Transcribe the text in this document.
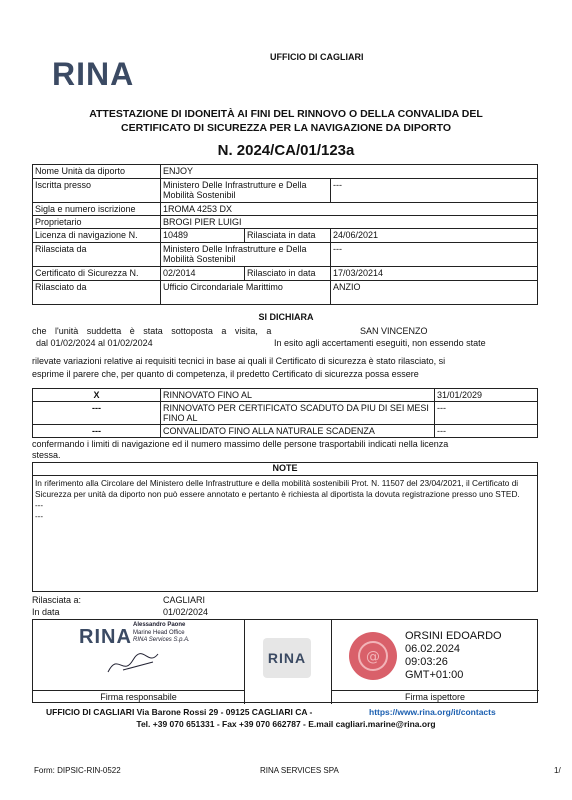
RINA	UFFICIO DI CAGLIARI
ATTESTAZIONE DI IDONEITÀ AI FINI DEL RINNOVO O DELLA CONVALIDA DEL
CERTIFICATO DI SICUREZZA PER LA NAVIGAZIONE DA DIPORTO
N. 2024/CA/01/123a
Nome Unità da diporto	ENJOY		
Iscritta presso	Ministero Delle Infrastrutture e Della Mobilità Sostenibil		---
Sigla e numero iscrizione	1ROMA 4253 DX		
Proprietario	BROGI PIER LUIGI		
Licenza di navigazione N.	10489	Rilasciata in data	24/06/2021
Rilasciata da	Ministero Delle Infrastrutture e Della Mobilità Sostenibil		---
Certificato di Sicurezza N.	02/2014	Rilasciato in data	17/03/20214
Rilasciato da	Ufficio Circondariale Marittimo		ANZIO
SI DICHIARA
che l'unità suddetta è stata sottoposta a visita, a	SAN VINCENZO
dal 01/02/2024 al 01/02/2024	In esito agli accertamenti eseguiti, non essendo state
rilevate variazioni relative ai requisiti tecnici in base ai quali il Certificato di sicurezza è stato rilasciato, si
esprime il parere che, per quanto di competenza, il predetto Certificato di sicurezza possa essere
X	RINNOVATO FINO AL	31/01/2029
---	RINNOVATO PER CERTIFICATO SCADUTO DA PIU DI SEI MESI FINO AL	---
---	CONVALIDATO FINO ALLA NATURALE SCADENZA	---
confermando i limiti di navigazione ed il numero massimo delle persone trasportabili indicati nella licenza
stessa.
NOTE
In riferimento alla Circolare del Ministero delle Infrastrutture e della mobilità sostenibili Prot. N. 11507 del 23/04/2021, il Certificato di Sicurezza per unità da diporto non può essere annotato e pertanto è richiesta al diportista la dovuta registrazione presso uno STED.
---
---
Rilasciata a:	CAGLIARI
In data	01/02/2024
RINA
Alessandro Paone
Marine Head Office
RINA Services S.p.A.
Firma responsabile
RINA	@
ORSINI EDOARDO
06.02.2024
09:03:26
GMT+01:00
Firma ispettore
UFFICIO DI CAGLIARI Via Barone Rossi 29 - 09125 CAGLIARI CA -	https://www.rina.org/it/contacts
Tel. +39 070 651331 - Fax +39 070 662787 - E.mail cagliari.marine@rina.org
Form: DIPSIC-RIN-0522	RINA SERVICES SPA	1/
